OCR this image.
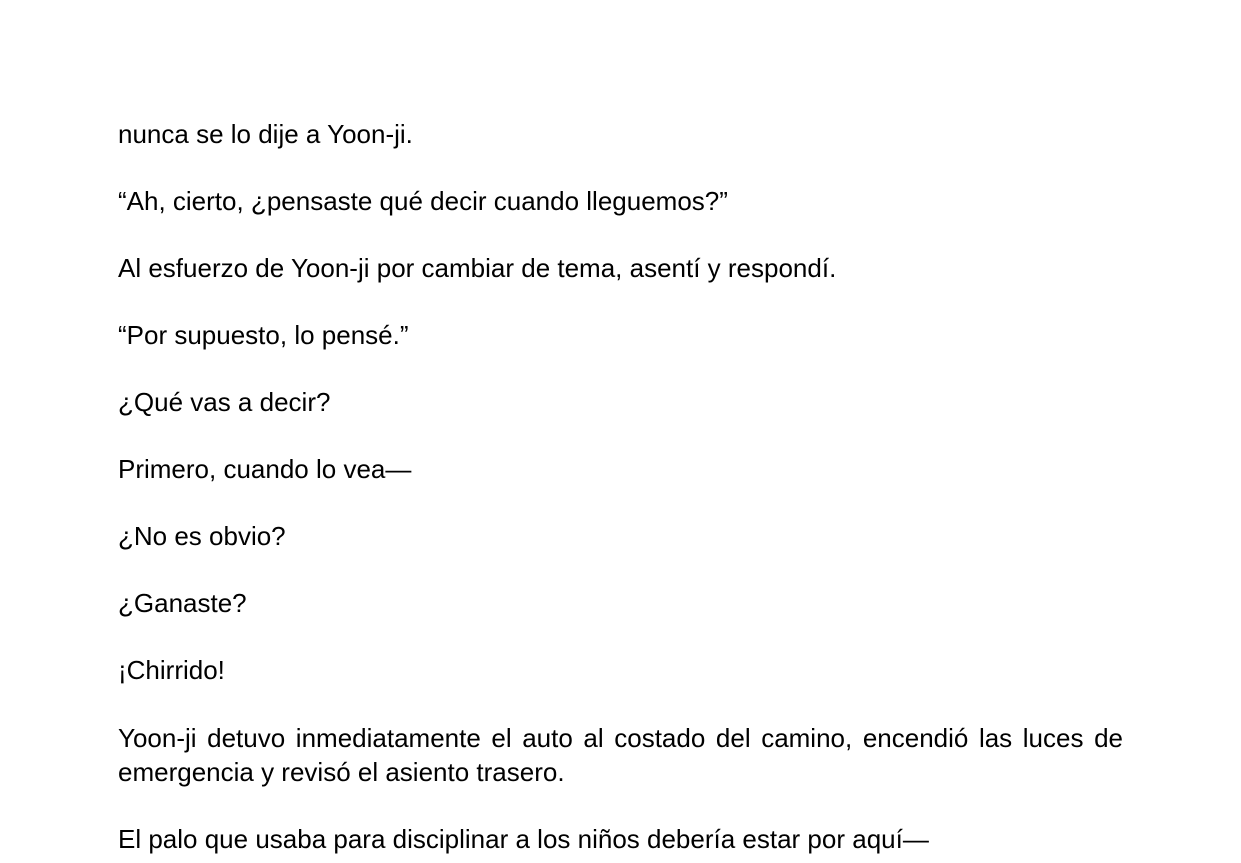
nunca se lo dije a Yoon-ji.

“Ah, cierto, ¿pensaste qué decir cuando lleguemos?”

Al esfuerzo de Yoon-ji por cambiar de tema, asentí y respondí.

“Por supuesto, lo pensé.”

¿Qué vas a decir?

Primero, cuando lo vea—

¿No es obvio?

¿Ganaste?

¡Chirrido!

Yoon-ji detuvo inmediatamente el auto al costado del camino, encendió las luces de emergencia y revisó el asiento trasero.

El palo que usaba para disciplinar a los niños debería estar por aquí—
